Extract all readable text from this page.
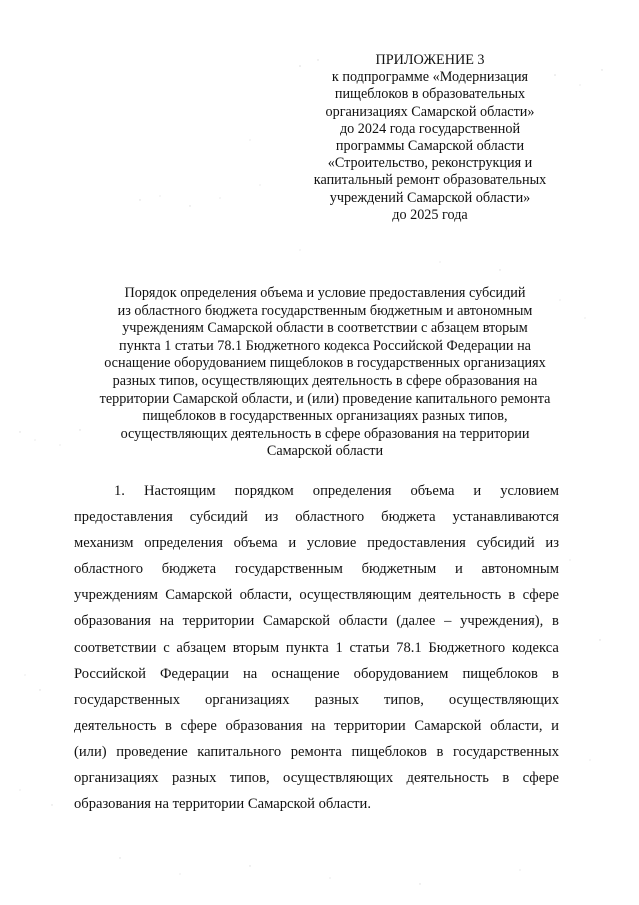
ПРИЛОЖЕНИЕ 3
к подпрограмме «Модернизация
пищеблоков в образовательных
организациях Самарской области»
до 2024 года государственной
программы Самарской области
«Строительство, реконструкция и
капитальный ремонт образовательных
учреждений Самарской области»
до 2025 года
Порядок определения объема и условие предоставления субсидий
из областного бюджета государственным бюджетным и автономным
учреждениям Самарской области в соответствии с абзацем вторым
пункта 1 статьи 78.1 Бюджетного кодекса Российской Федерации на
оснащение оборудованием пищеблоков в государственных организациях
разных типов, осуществляющих деятельность в сфере образования на
территории Самарской области, и (или) проведение капитального ремонта
пищеблоков в государственных организациях разных типов,
осуществляющих деятельность в сфере образования на территории
Самарской области
1. Настоящим порядком определения объема и условием
предоставления субсидий из областного бюджета устанавливаются
механизм определения объема и условие предоставления субсидий из
областного бюджета государственным бюджетным и автономным
учреждениям Самарской области, осуществляющим деятельность в сфере
образования на территории Самарской области (далее – учреждения), в
соответствии с абзацем вторым пункта 1 статьи 78.1 Бюджетного кодекса
Российской Федерации на оснащение оборудованием пищеблоков в
государственных организациях разных типов, осуществляющих
деятельность в сфере образования на территории Самарской области, и
(или) проведение капитального ремонта пищеблоков в государственных
организациях разных типов, осуществляющих деятельность в сфере
образования на территории Самарской области.
